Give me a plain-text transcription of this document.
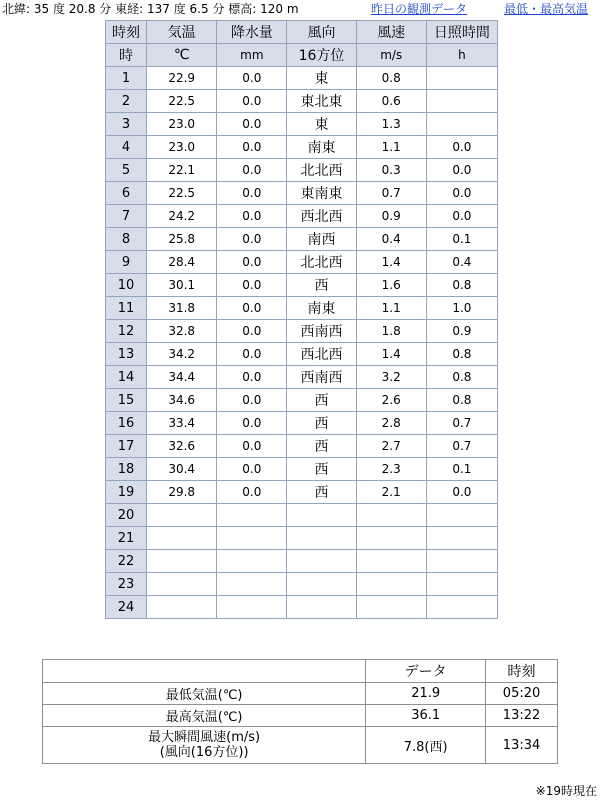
北緯: 35 度 20.8 分 東経: 137 度 6.5 分 標高: 120 m	昨日の観測データ	最低・最高気温
時刻	気温	降水量	風向	風速	日照時間
時	℃	mm	16方位	m/s	h
1	22.9	0.0	東	0.8	
2	22.5	0.0	東北東	0.6	
3	23.0	0.0	東	1.3	
4	23.0	0.0	南東	1.1	0.0
5	22.1	0.0	北北西	0.3	0.0
6	22.5	0.0	東南東	0.7	0.0
7	24.2	0.0	西北西	0.9	0.0
8	25.8	0.0	南西	0.4	0.1
9	28.4	0.0	北北西	1.4	0.4
10	30.1	0.0	西	1.6	0.8
11	31.8	0.0	南東	1.1	1.0
12	32.8	0.0	西南西	1.8	0.9
13	34.2	0.0	西北西	1.4	0.8
14	34.4	0.0	西南西	3.2	0.8
15	34.6	0.0	西	2.6	0.8
16	33.4	0.0	西	2.8	0.7
17	32.6	0.0	西	2.7	0.7
18	30.4	0.0	西	2.3	0.1
19	29.8	0.0	西	2.1	0.0
20					
21					
22					
23					
24					
	データ	時刻
最低気温(℃)	21.9	05:20
最高気温(℃)	36.1	13:22

最大瞬間風速(m/s)
(風向(16方位))	7.8(西)	13:34
※19時現在
